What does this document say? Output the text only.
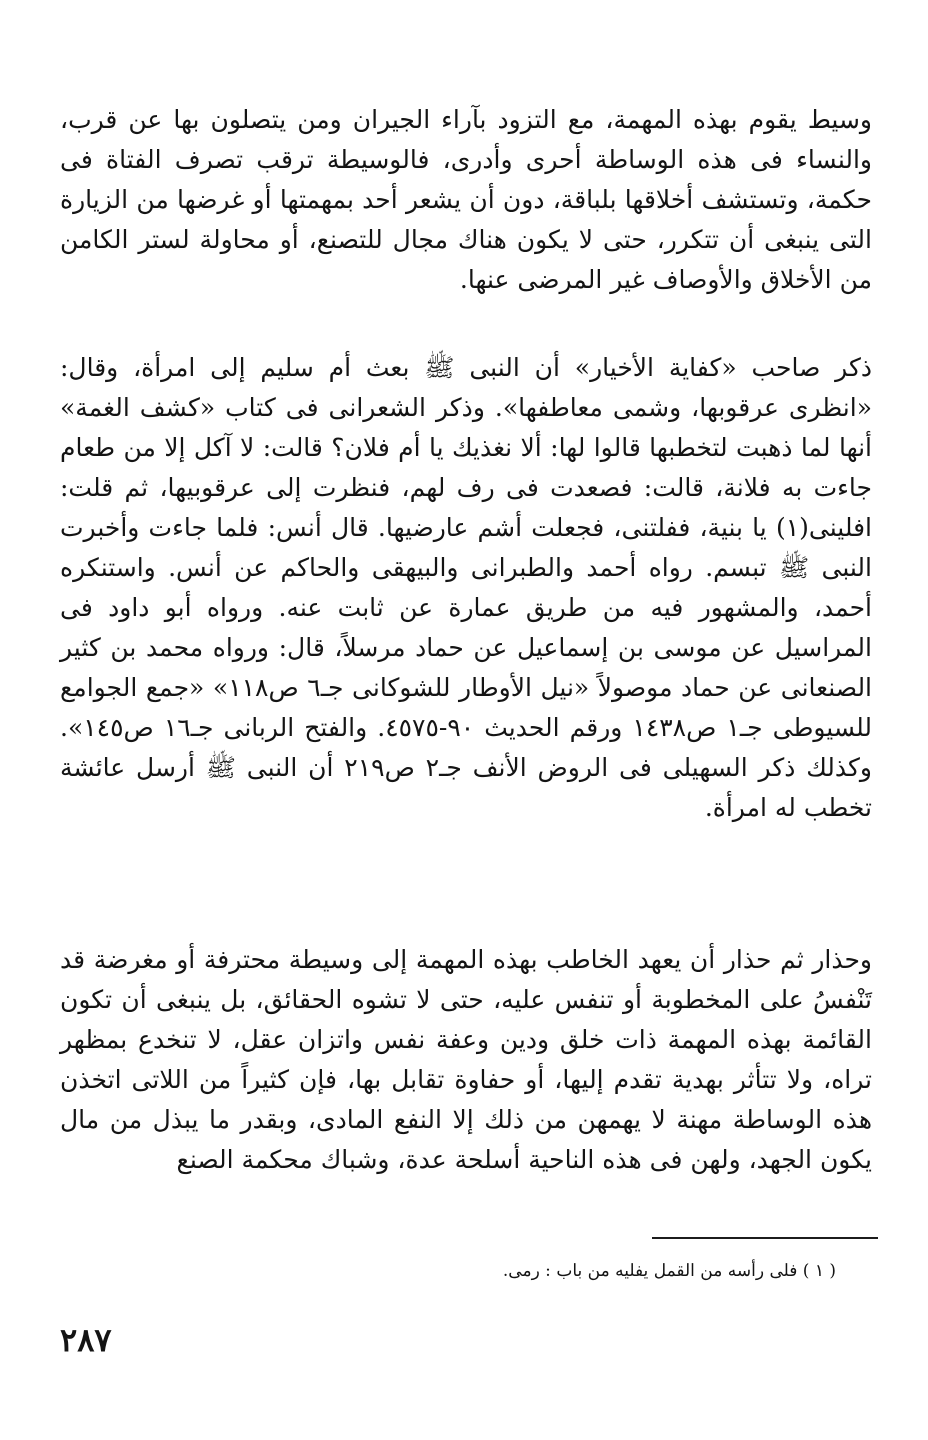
وسيط يقوم بهذه المهمة، مع التزود بآراء الجيران ومن يتصلون بها عن قرب، والنساء فى هذه الوساطة أحرى وأدرى، فالوسيطة ترقب تصرف الفتاة فى حكمة، وتستشف أخلاقها بلباقة، دون أن يشعر أحد بمهمتها أو غرضها من الزيارة التى ينبغى أن تتكرر، حتى لا يكون هناك مجال للتصنع، أو محاولة لستر الكامن من الأخلاق والأوصاف غير المرضى عنها.

ذكر صاحب «كفاية الأخيار» أن النبى ﷺ بعث أم سليم إلى امرأة، وقال: «انظرى عرقوبها، وشمى معاطفها». وذكر الشعرانى فى كتاب «كشف الغمة» أنها لما ذهبت لتخطبها قالوا لها: ألا نغذيك يا أم فلان؟ قالت: لا آكل إلا من طعام جاءت به فلانة، قالت: فصعدت فى رف لهم، فنظرت إلى عرقوبيها، ثم قلت: افلينى(١) يا بنية، ففلتنى، فجعلت أشم عارضيها. قال أنس: فلما جاءت وأخبرت النبى ﷺ تبسم. رواه أحمد والطبرانى والبيهقى والحاكم عن أنس. واستنكره أحمد، والمشهور فيه من طريق عمارة عن ثابت عنه. ورواه أبو داود فى المراسيل عن موسى بن إسماعيل عن حماد مرسلاً، قال: ورواه محمد بن كثير الصنعانى عن حماد موصولاً «نيل الأوطار للشوكانى جـ٦ ص١١٨» «جمع الجوامع للسيوطى جـ١ ص١٤٣٨ ورقم الحديث ٩٠-٤٥٧٥. والفتح الربانى جـ١٦ ص١٤٥». وكذلك ذكر السهيلى فى الروض الأنف جـ٢ ص٢١٩ أن النبى ﷺ أرسل عائشة تخطب له امرأة.

وحذار ثم حذار أن يعهد الخاطب بهذه المهمة إلى وسيطة محترفة أو مغرضة قد تَنْفسُ على المخطوبة أو تنفس عليه، حتى لا تشوه الحقائق، بل ينبغى أن تكون القائمة بهذه المهمة ذات خلق ودين وعفة نفس واتزان عقل، لا تنخدع بمظهر تراه، ولا تتأثر بهدية تقدم إليها، أو حفاوة تقابل بها، فإن كثيراً من اللاتى اتخذن هذه الوساطة مهنة لا يهمهن من ذلك إلا النفع المادى، وبقدر ما يبذل من مال يكون الجهد، ولهن فى هذه الناحية أسلحة عدة، وشباك محكمة الصنع

( ١ ) فلى رأسه من القمل يفليه من باب : رمى.

٢٨٧
